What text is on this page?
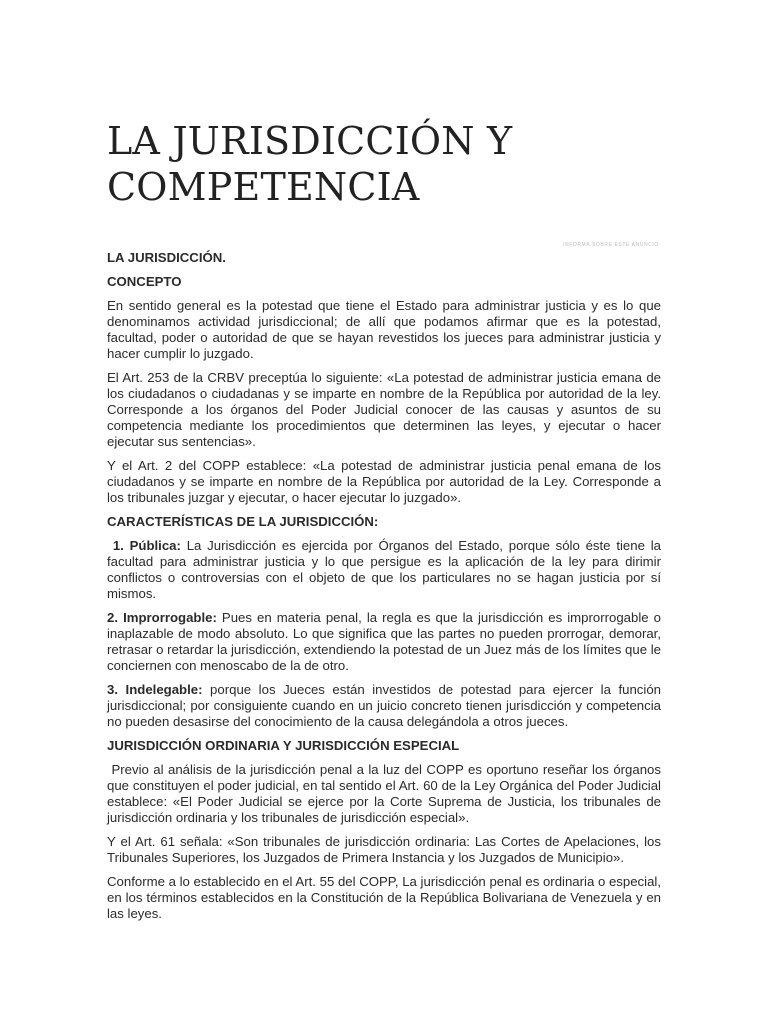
LA JURISDICCIÓN Y COMPETENCIA
INFORMA SOBRE ESTE ANUNCIO
LA JURISDICCIÓN.
CONCEPTO

En sentido general es la potestad que tiene el Estado para administrar justicia y es lo que denominamos actividad jurisdiccional; de allí que podamos afirmar que es la potestad, facultad, poder o autoridad de que se hayan revestidos los jueces para administrar justicia y hacer cumplir lo juzgado.

El Art. 253 de la CRBV preceptúa lo siguiente: «La potestad de administrar justicia emana de los ciudadanos o ciudadanas y se imparte en nombre de la República por autoridad de la ley. Corresponde a los órganos del Poder Judicial conocer de las causas y asuntos de su competencia mediante los procedimientos que determinen las leyes, y ejecutar o hacer ejecutar sus sentencias».

Y el Art. 2 del COPP establece: «La potestad de administrar justicia penal emana de los ciudadanos y se imparte en nombre de la República por autoridad de la Ley. Corresponde a los tribunales juzgar y ejecutar, o hacer ejecutar lo juzgado».

CARACTERÍSTICAS DE LA JURISDICCIÓN:

1. Pública: La Jurisdicción es ejercida por Órganos del Estado, porque sólo éste tiene la facultad para administrar justicia y lo que persigue es la aplicación de la ley para dirimir conflictos o controversias con el objeto de que los particulares no se hagan justicia por sí mismos.

2. Improrrogable: Pues en materia penal, la regla es que la jurisdicción es improrrogable o inaplazable de modo absoluto. Lo que significa que las partes no pueden prorrogar, demorar, retrasar o retardar la jurisdicción, extendiendo la potestad de un Juez más de los límites que le conciernen con menoscabo de la de otro.

3. Indelegable: porque los Jueces están investidos de potestad para ejercer la función jurisdiccional; por consiguiente cuando en un juicio concreto tienen jurisdicción y competencia no pueden desasirse del conocimiento de la causa delegándola a otros jueces.

JURISDICCIÓN ORDINARIA Y JURISDICCIÓN ESPECIAL

Previo al análisis de la jurisdicción penal a la luz del COPP es oportuno reseñar los órganos que constituyen el poder judicial, en tal sentido el Art. 60 de la Ley Orgánica del Poder Judicial establece: «El Poder Judicial se ejerce por la Corte Suprema de Justicia, los tribunales de jurisdicción ordinaria y los tribunales de jurisdicción especial».

Y el Art. 61 señala: «Son tribunales de jurisdicción ordinaria: Las Cortes de Apelaciones, los Tribunales Superiores, los Juzgados de Primera Instancia y los Juzgados de Municipio».

Conforme a lo establecido en el Art. 55 del COPP, La jurisdicción penal es ordinaria o especial, en los términos establecidos en la Constitución de la República Bolivariana de Venezuela y en las leyes.
